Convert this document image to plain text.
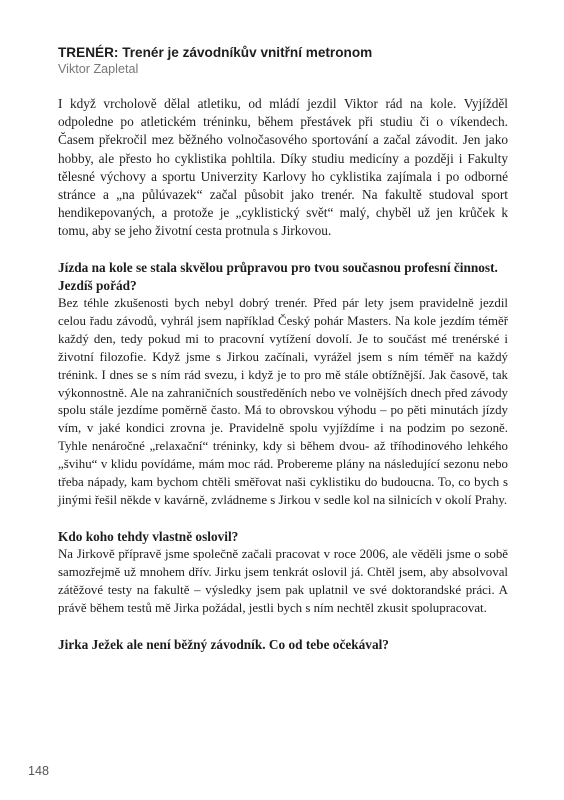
TRENÉR: Trenér je závodníkův vnitřní metronom

Viktor Zapletal

I když vrcholově dělal atletiku, od mládí jezdil Viktor rád na kole. Vyjížděl odpoledne po atletickém tréninku, během přestávek při studiu či o víkendech. Časem překročil mez běžného volnočasového sportování a začal závodit. Jen jako hobby, ale přesto ho cyklistika pohltila. Díky studiu medicíny a později i Fakulty tělesné výchovy a sportu Univerzity Karlovy ho cyklistika zajímala i po odborné stránce a „na půlúvazek“ začal působit jako trenér. Na fakultě studoval sport hendikepovaných, a protože je „cyklistický svět“ malý, chyběl už jen krůček k tomu, aby se jeho životní cesta protnula s Jirkovou.

Jízda na kole se stala skvělou průpravou pro tvou současnou profesní činnost. Jezdíš pořád?

Bez téhle zkušenosti bych nebyl dobrý trenér. Před pár lety jsem pravidelně jezdil celou řadu závodů, vyhrál jsem například Český pohár Masters. Na kole jezdím téměř každý den, tedy pokud mi to pracovní vytížení dovolí. Je to součást mé trenérské i životní filozofie. Když jsme s Jirkou začínali, vyrážel jsem s ním téměř na každý trénink. I dnes se s ním rád svezu, i když je to pro mě stále obtížnější. Jak časově, tak výkonnostně. Ale na zahraničních soustředěních nebo ve volnějších dnech před závody spolu stále jezdíme poměrně často. Má to obrovskou výhodu – po pěti minutách jízdy vím, v jaké kondici zrovna je. Pravidelně spolu vyjíždíme i na podzim po sezoně. Tyhle nenáročné „relaxační“ tréninky, kdy si během dvou- až tříhodinového lehkého „švihu“ v klidu povídáme, mám moc rád. Probereme plány na následující sezonu nebo třeba nápady, kam bychom chtěli směřovat naši cyklistiku do budoucna. To, co bych s jinými řešil někde v kavárně, zvládneme s Jirkou v sedle kol na silnicích v okolí Prahy.

Kdo koho tehdy vlastně oslovil?

Na Jirkově přípravě jsme společně začali pracovat v roce 2006, ale věděli jsme o sobě samozřejmě už mnohem dřív. Jirku jsem tenkrát oslovil já. Chtěl jsem, aby absolvoval zátěžové testy na fakultě – výsledky jsem pak uplatnil ve své doktorandské práci. A právě během testů mě Jirka požádal, jestli bych s ním nechtěl zkusit spolupracovat.

Jirka Ježek ale není běžný závodník. Co od tebe očekával?

148
